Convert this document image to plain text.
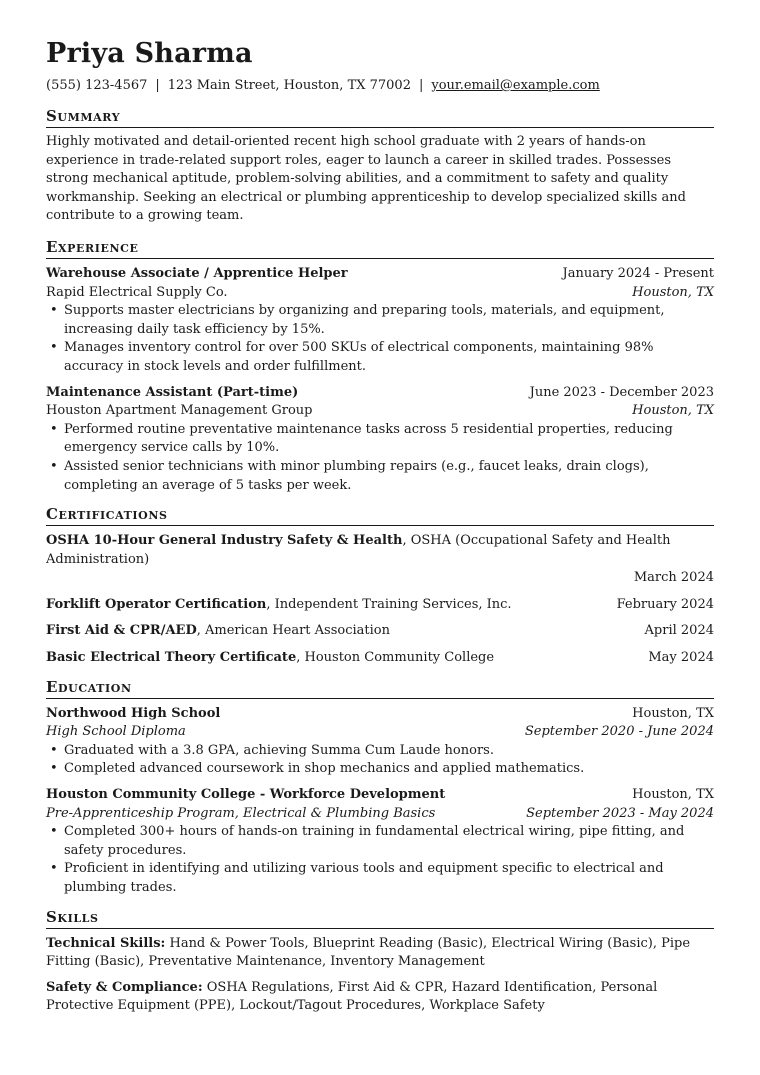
Priya Sharma
(555) 123-4567 | 123 Main Street, Houston, TX 77002 | your.email@example.com
Summary
Highly motivated and detail-oriented recent high school graduate with 2 years of hands-on experience in trade-related support roles, eager to launch a career in skilled trades. Possesses strong mechanical aptitude, problem-solving abilities, and a commitment to safety and quality workmanship. Seeking an electrical or plumbing apprenticeship to develop specialized skills and contribute to a growing team.
Experience
Warehouse Associate / Apprentice Helper	January 2024 - Present
Rapid Electrical Supply Co.	Houston, TX
• Supports master electricians by organizing and preparing tools, materials, and equipment, increasing daily task efficiency by 15%.
• Manages inventory control for over 500 SKUs of electrical components, maintaining 98% accuracy in stock levels and order fulfillment.
Maintenance Assistant (Part-time)	June 2023 - December 2023
Houston Apartment Management Group	Houston, TX
• Performed routine preventative maintenance tasks across 5 residential properties, reducing emergency service calls by 10%.
• Assisted senior technicians with minor plumbing repairs (e.g., faucet leaks, drain clogs), completing an average of 5 tasks per week.
Certifications
OSHA 10-Hour General Industry Safety & Health, OSHA (Occupational Safety and Health Administration)
March 2024
Forklift Operator Certification, Independent Training Services, Inc.	February 2024
First Aid & CPR/AED, American Heart Association	April 2024
Basic Electrical Theory Certificate, Houston Community College	May 2024
Education
Northwood High School	Houston, TX
High School Diploma	September 2020 - June 2024
• Graduated with a 3.8 GPA, achieving Summa Cum Laude honors.
• Completed advanced coursework in shop mechanics and applied mathematics.
Houston Community College - Workforce Development	Houston, TX
Pre-Apprenticeship Program, Electrical & Plumbing Basics	September 2023 - May 2024
• Completed 300+ hours of hands-on training in fundamental electrical wiring, pipe fitting, and safety procedures.
• Proficient in identifying and utilizing various tools and equipment specific to electrical and plumbing trades.
Skills
Technical Skills: Hand & Power Tools, Blueprint Reading (Basic), Electrical Wiring (Basic), Pipe Fitting (Basic), Preventative Maintenance, Inventory Management
Safety & Compliance: OSHA Regulations, First Aid & CPR, Hazard Identification, Personal Protective Equipment (PPE), Lockout/Tagout Procedures, Workplace Safety
